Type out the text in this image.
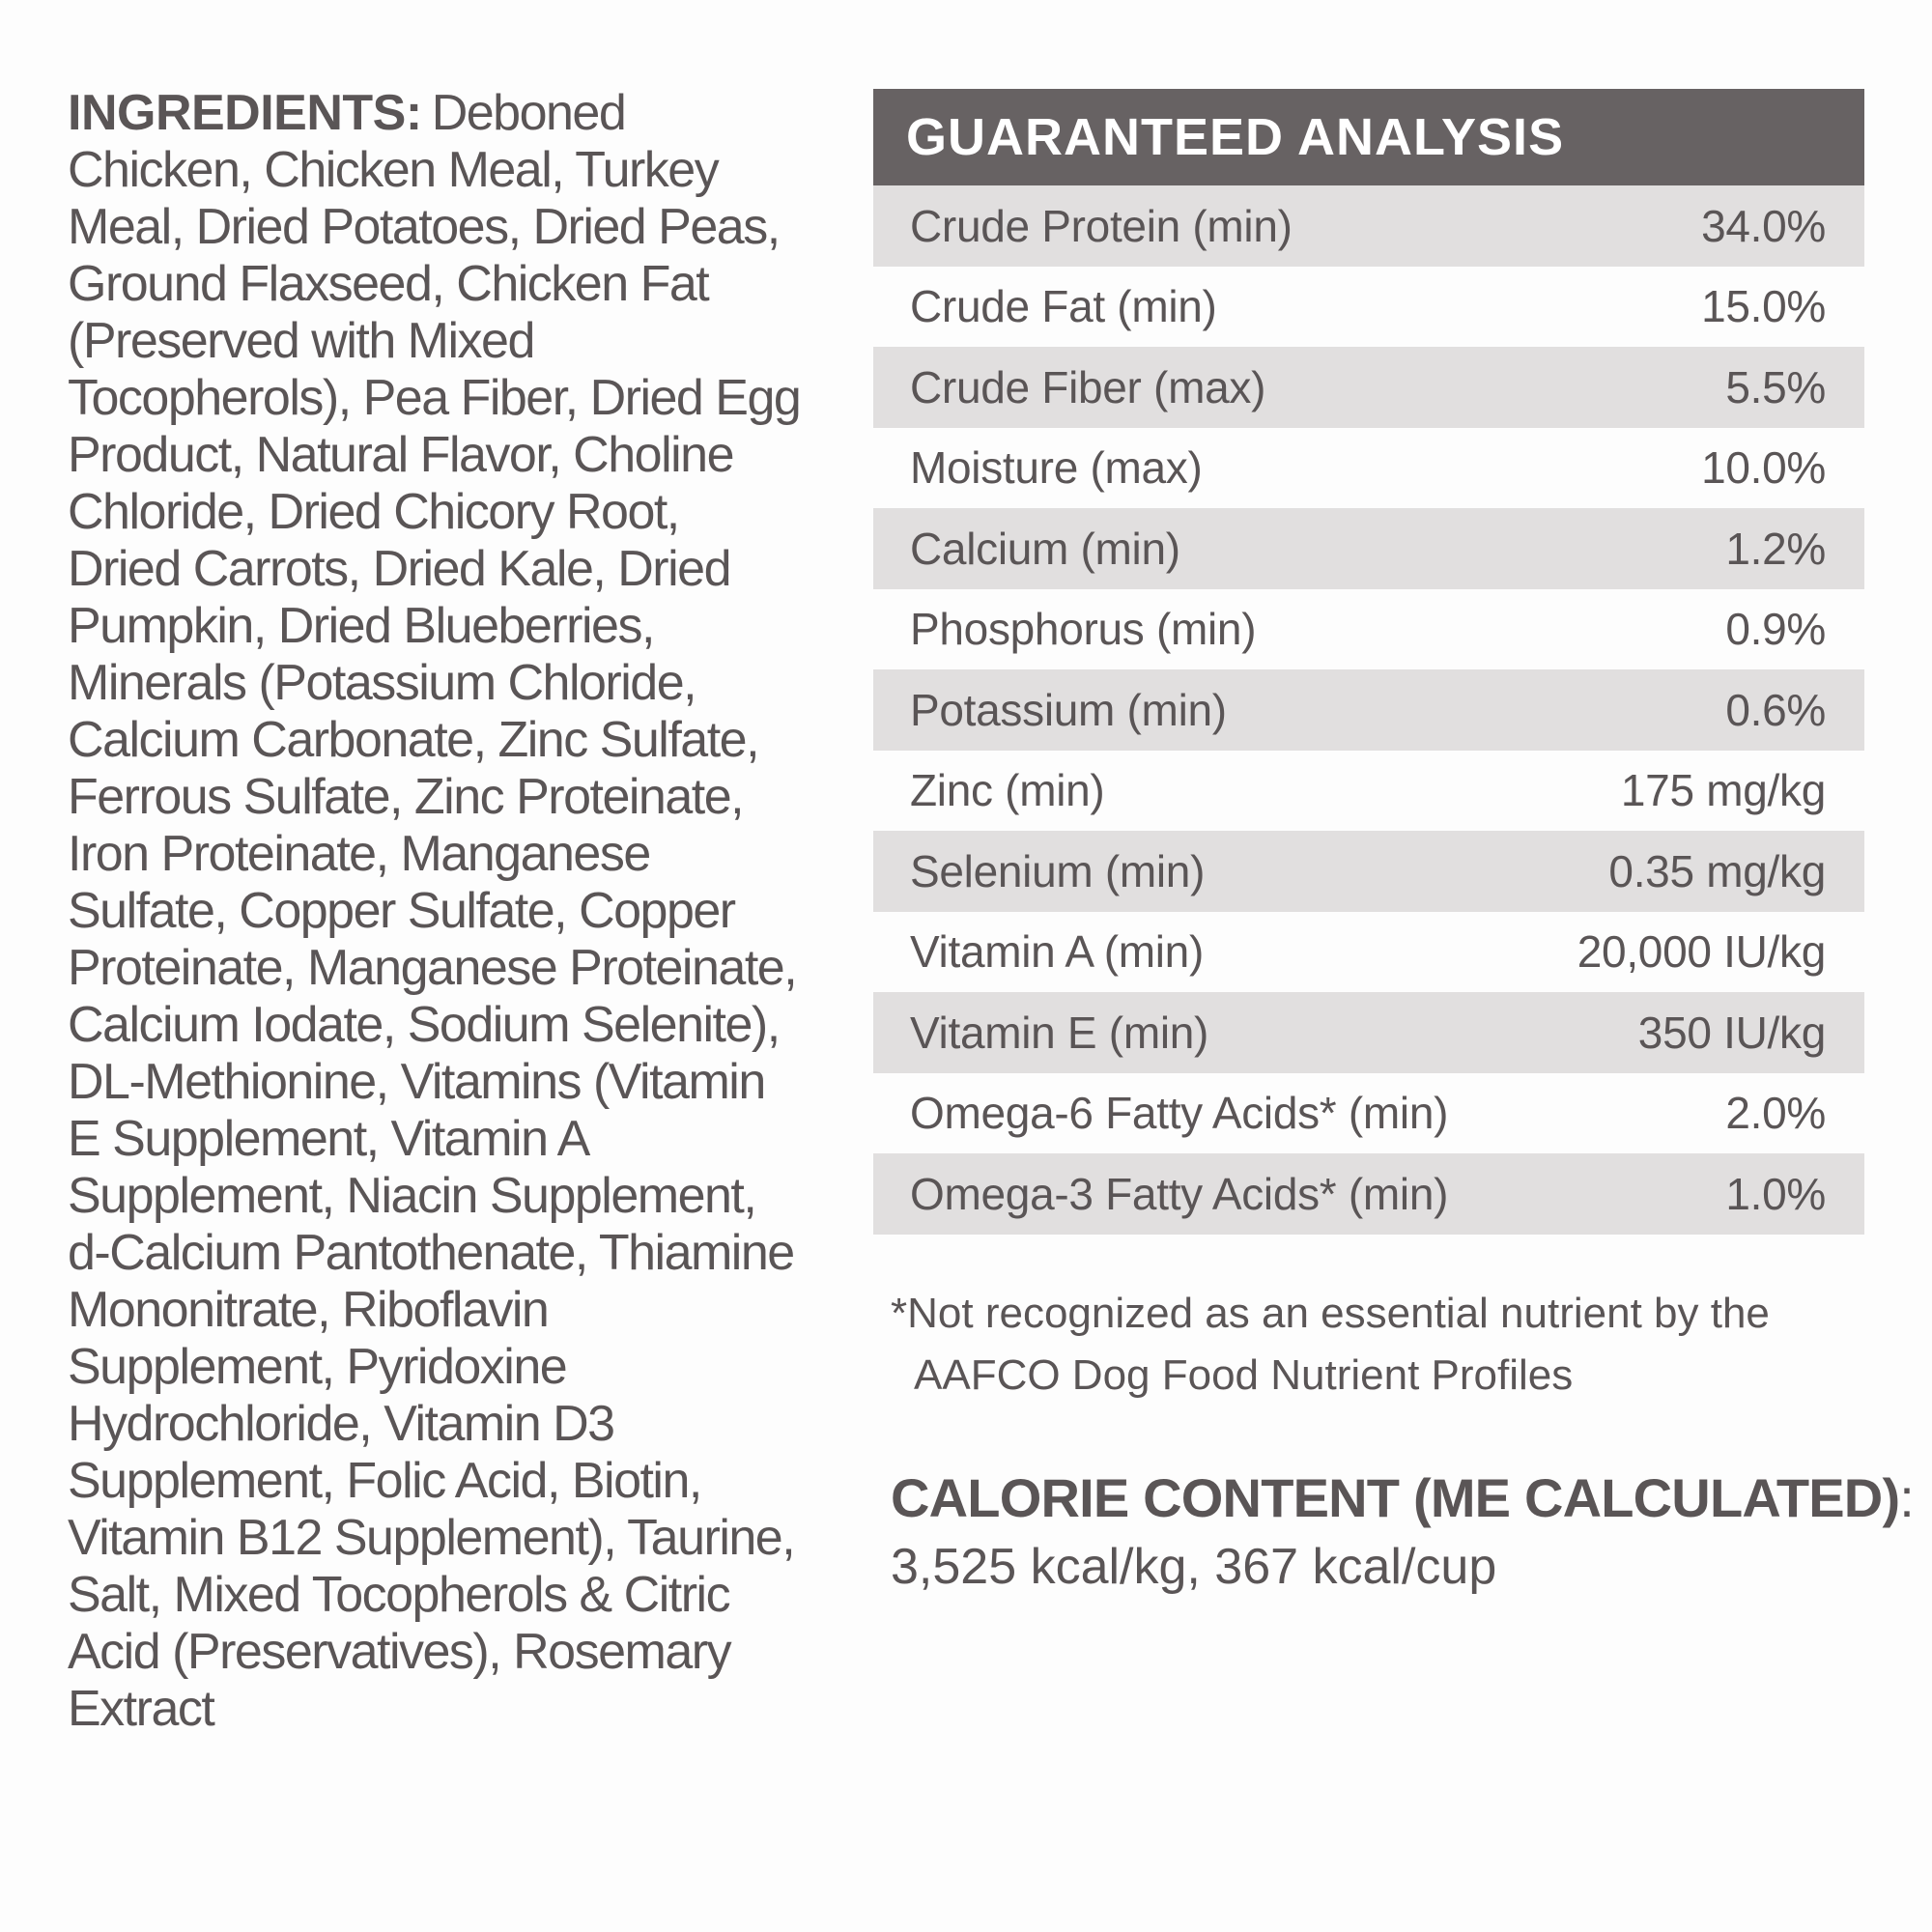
INGREDIENTS: Deboned Chicken, Chicken Meal, Turkey Meal, Dried Potatoes, Dried Peas, Ground Flaxseed, Chicken Fat (Preserved with Mixed Tocopherols), Pea Fiber, Dried Egg Product, Natural Flavor, Choline Chloride, Dried Chicory Root, Dried Carrots, Dried Kale, Dried Pumpkin, Dried Blueberries, Minerals (Potassium Chloride, Calcium Carbonate, Zinc Sulfate, Ferrous Sulfate, Zinc Proteinate, Iron Proteinate, Manganese Sulfate, Copper Sulfate, Copper Proteinate, Manganese Proteinate, Calcium Iodate, Sodium Selenite), DL-Methionine, Vitamins (Vitamin E Supplement, Vitamin A Supplement, Niacin Supplement, d-Calcium Pantothenate, Thiamine Mononitrate, Riboflavin Supplement, Pyridoxine Hydrochloride, Vitamin D3 Supplement, Folic Acid, Biotin, Vitamin B12 Supplement), Taurine, Salt, Mixed Tocopherols & Citric Acid (Preservatives), Rosemary Extract

GUARANTEED ANALYSIS
Crude Protein (min)	34.0%
Crude Fat (min)	15.0%
Crude Fiber (max)	5.5%
Moisture (max)	10.0%
Calcium (min)	1.2%
Phosphorus (min)	0.9%
Potassium (min)	0.6%
Zinc (min)	175 mg/kg
Selenium (min)	0.35 mg/kg
Vitamin A (min)	20,000 IU/kg
Vitamin E (min)	350 IU/kg
Omega-6 Fatty Acids* (min)	2.0%
Omega-3 Fatty Acids* (min)	1.0%
*Not recognized as an essential nutrient by the
AAFCO Dog Food Nutrient Profiles
CALORIE CONTENT (ME CALCULATED):
3,525 kcal/kg, 367 kcal/cup
